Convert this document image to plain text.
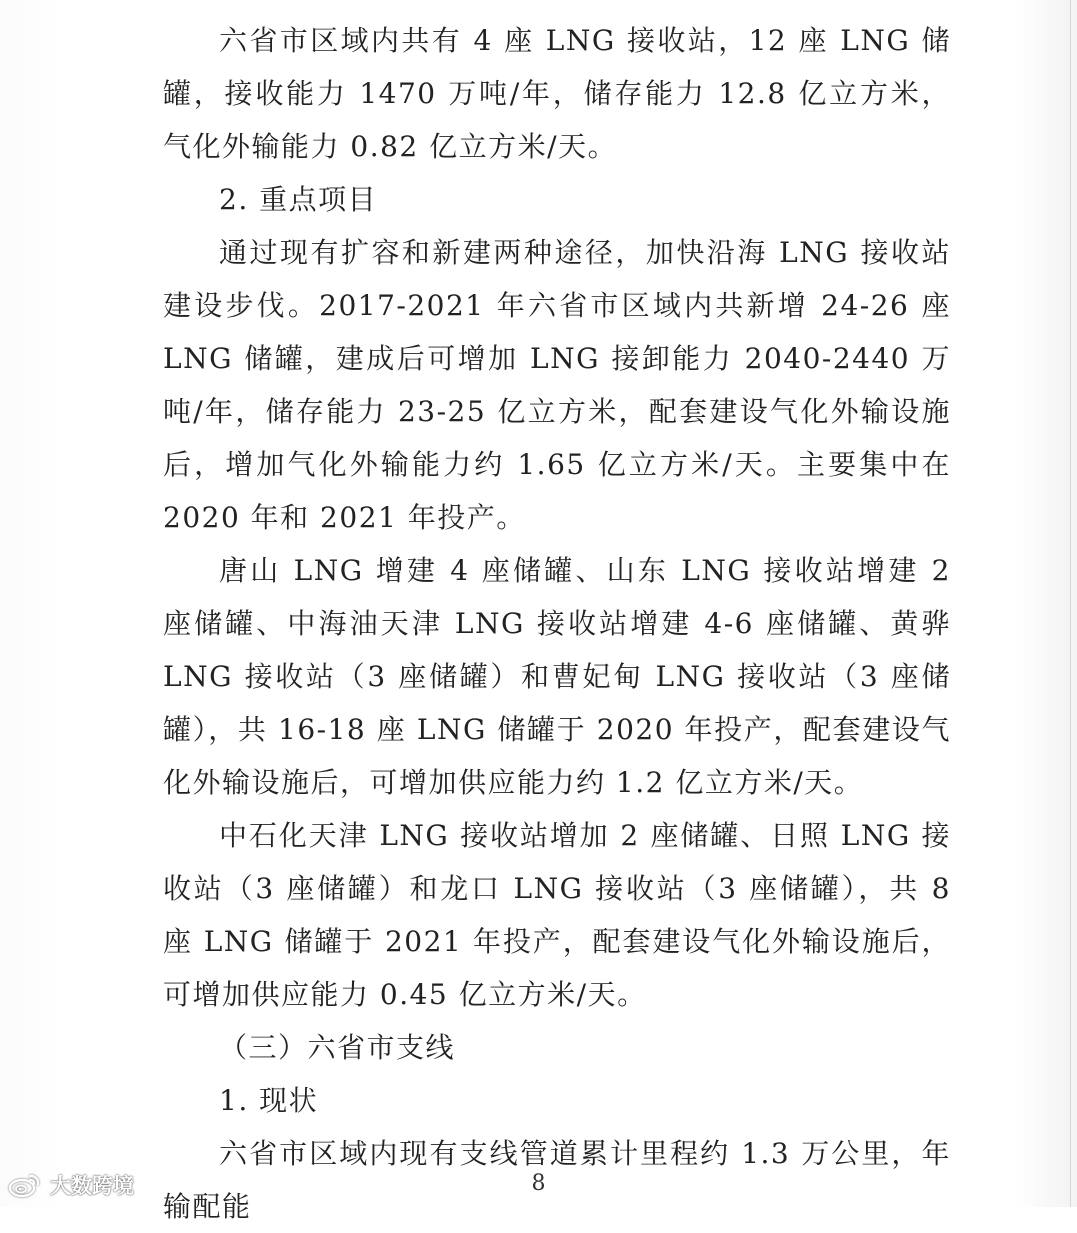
六省市区域内共有 4 座 LNG 接收站，12 座 LNG 储罐，接收能力 1470 万吨/年，储存能力 12.8 亿立方米，气化外输能力 0.82 亿立方米/天。

2. 重点项目

通过现有扩容和新建两种途径，加快沿海 LNG 接收站建设步伐。2017-2021 年六省市区域内共新增 24-26 座 LNG 储罐，建成后可增加 LNG 接卸能力 2040-2440 万吨/年，储存能力 23-25 亿立方米，配套建设气化外输设施后，增加气化外输能力约 1.65 亿立方米/天。主要集中在 2020 年和 2021 年投产。

唐山 LNG 增建 4 座储罐、山东 LNG 接收站增建 2 座储罐、中海油天津 LNG 接收站增建 4-6 座储罐、黄骅 LNG 接收站（3 座储罐）和曹妃甸 LNG 接收站（3 座储罐），共 16-18 座 LNG 储罐于 2020 年投产，配套建设气化外输设施后，可增加供应能力约 1.2 亿立方米/天。

中石化天津 LNG 接收站增加 2 座储罐、日照 LNG 接收站（3 座储罐）和龙口 LNG 接收站（3 座储罐），共 8 座 LNG 储罐于 2021 年投产，配套建设气化外输设施后，可增加供应能力 0.45 亿立方米/天。

（三）六省市支线

1. 现状

六省市区域内现有支线管道累计里程约 1.3 万公里，年输配能

8
大数跨境
